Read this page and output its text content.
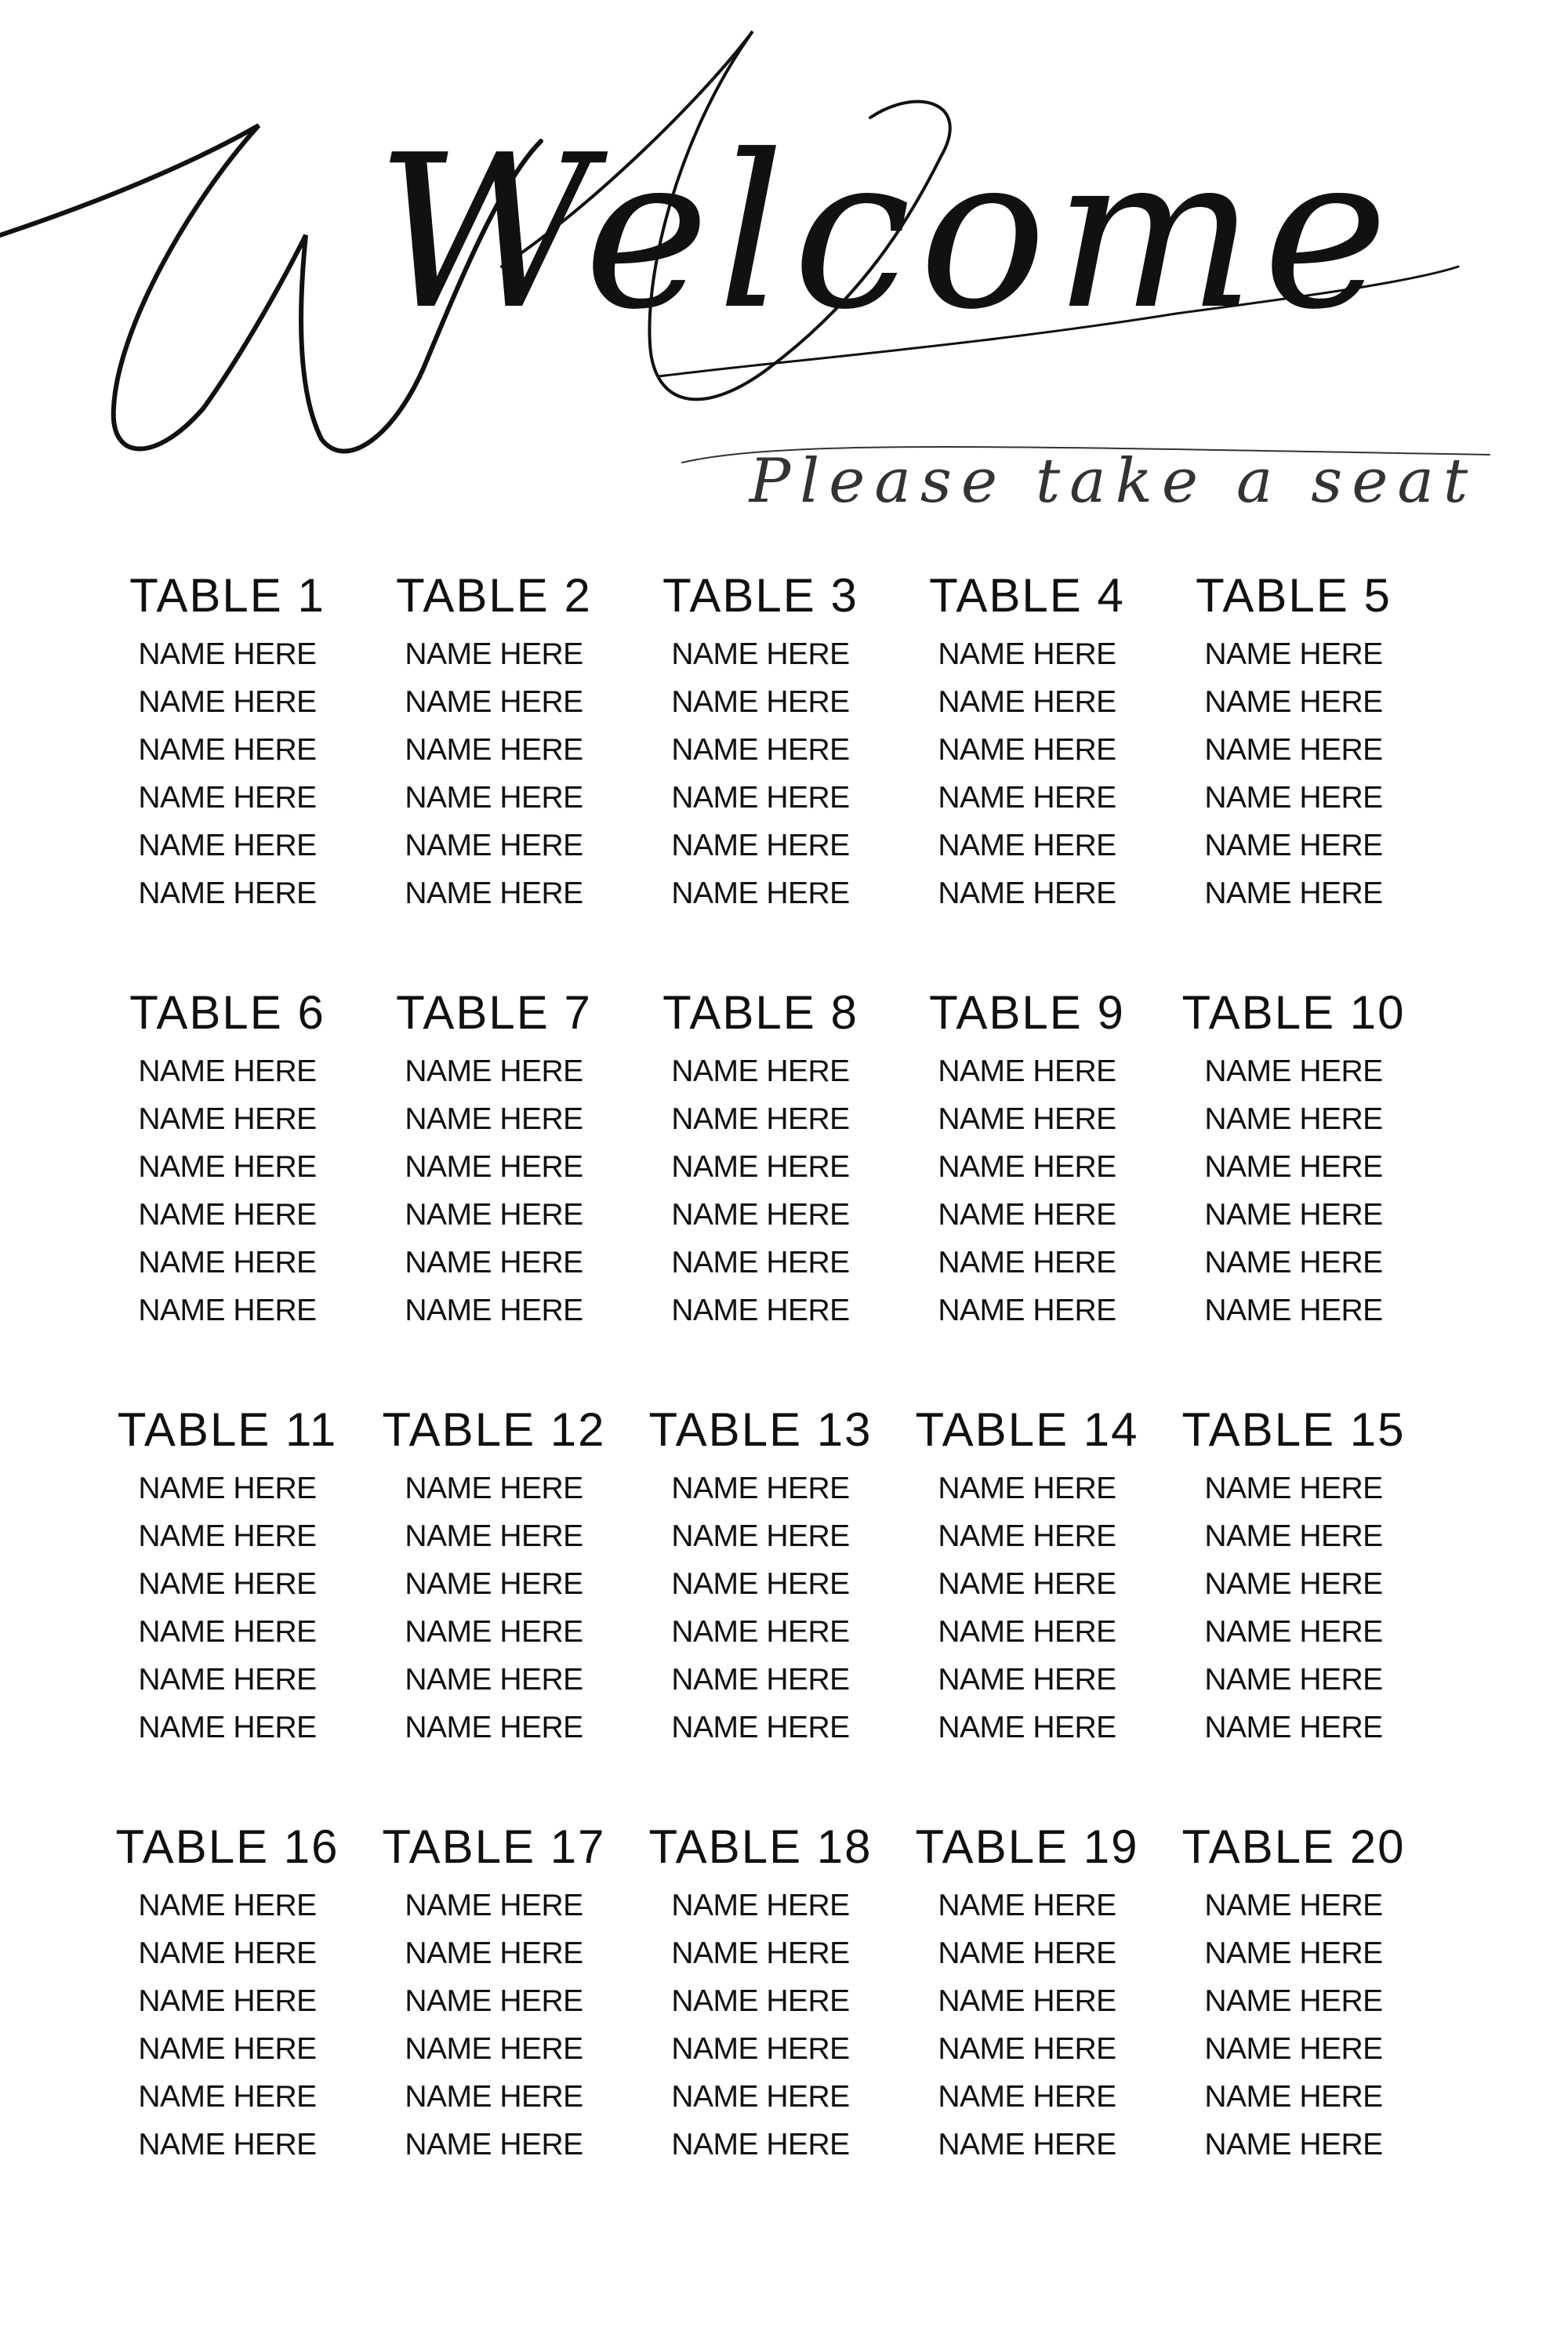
Welcome
Please take a seat
TABLE 1
NAME HERE
NAME HERE
NAME HERE
NAME HERE
NAME HERE
NAME HERE
TABLE 2
NAME HERE
NAME HERE
NAME HERE
NAME HERE
NAME HERE
NAME HERE
TABLE 3
NAME HERE
NAME HERE
NAME HERE
NAME HERE
NAME HERE
NAME HERE
TABLE 4
NAME HERE
NAME HERE
NAME HERE
NAME HERE
NAME HERE
NAME HERE
TABLE 5
NAME HERE
NAME HERE
NAME HERE
NAME HERE
NAME HERE
NAME HERE
TABLE 6
NAME HERE
NAME HERE
NAME HERE
NAME HERE
NAME HERE
NAME HERE
TABLE 7
NAME HERE
NAME HERE
NAME HERE
NAME HERE
NAME HERE
NAME HERE
TABLE 8
NAME HERE
NAME HERE
NAME HERE
NAME HERE
NAME HERE
NAME HERE
TABLE 9
NAME HERE
NAME HERE
NAME HERE
NAME HERE
NAME HERE
NAME HERE
TABLE 10
NAME HERE
NAME HERE
NAME HERE
NAME HERE
NAME HERE
NAME HERE
TABLE 11
NAME HERE
NAME HERE
NAME HERE
NAME HERE
NAME HERE
NAME HERE
TABLE 12
NAME HERE
NAME HERE
NAME HERE
NAME HERE
NAME HERE
NAME HERE
TABLE 13
NAME HERE
NAME HERE
NAME HERE
NAME HERE
NAME HERE
NAME HERE
TABLE 14
NAME HERE
NAME HERE
NAME HERE
NAME HERE
NAME HERE
NAME HERE
TABLE 15
NAME HERE
NAME HERE
NAME HERE
NAME HERE
NAME HERE
NAME HERE
TABLE 16
NAME HERE
NAME HERE
NAME HERE
NAME HERE
NAME HERE
NAME HERE
TABLE 17
NAME HERE
NAME HERE
NAME HERE
NAME HERE
NAME HERE
NAME HERE
TABLE 18
NAME HERE
NAME HERE
NAME HERE
NAME HERE
NAME HERE
NAME HERE
TABLE 19
NAME HERE
NAME HERE
NAME HERE
NAME HERE
NAME HERE
NAME HERE
TABLE 20
NAME HERE
NAME HERE
NAME HERE
NAME HERE
NAME HERE
NAME HERE
